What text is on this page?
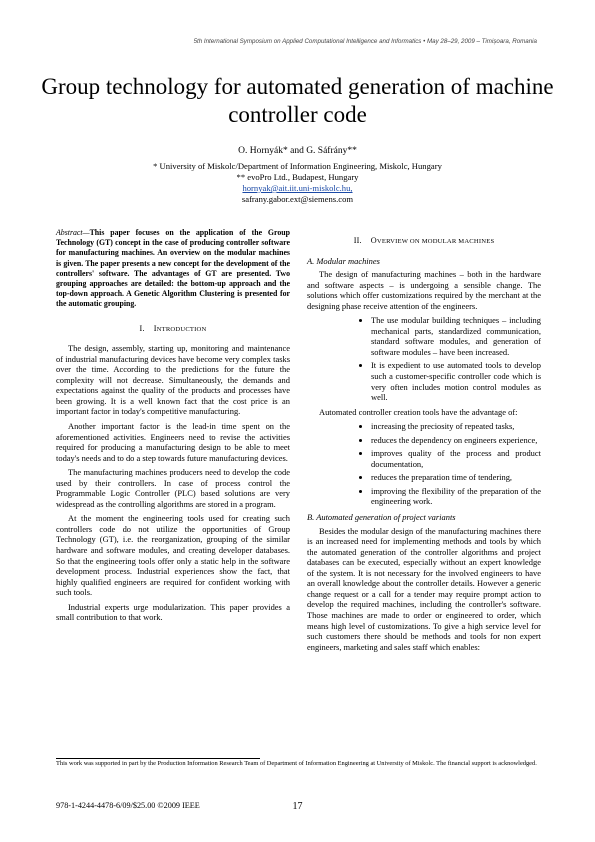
5th International Symposium on Applied Computational Intelligence and Informatics • May 28–29, 2009 – Timișoara, Romania
Group technology for automated generation of machine controller code
O. Hornyák* and G. Sáfrány**
* University of Miskolc/Department of Information Engineering, Miskolc, Hungary
** evoPro Ltd., Budapest, Hungary
hornyak@ait.iit.uni-miskolc.hu,
safrany.gabor.ext@siemens.com
Abstract—This paper focuses on the application of the Group Technology (GT) concept in the case of producing controller software for manufacturing machines. An overview on the modular machines is given. The paper presents a new concept for the development of the controllers' software. The advantages of GT are presented. Two grouping approaches are detailed: the bottom-up approach and the top-down approach. A Genetic Algorithm Clustering is presented for the automatic grouping.
I. INTRODUCTION

The design, assembly, starting up, monitoring and maintenance of industrial manufacturing devices have become very complex tasks over the time. According to the predictions for the future the complexity will not decrease. Simultaneously, the demands and expectations against the quality of the products and processes have been growing. It is a well known fact that the cost price is an important factor in today's competitive manufacturing.

Another important factor is the lead-in time spent on the aforementioned activities. Engineers need to revise the activities required for producing a manufacturing design to be able to meet today's needs and to do a step towards future manufacturing devices.

The manufacturing machines producers need to develop the code used by their controllers. In case of process control the Programmable Logic Controller (PLC) based solutions are very widespread as the controlling algorithms are stored in a program.

At the moment the engineering tools used for creating such controllers code do not utilize the opportunities of Group Technology (GT), i.e. the reorganization, grouping of the similar hardware and software modules, and creating developer databases. So that the engineering tools offer only a static help in the software development process. Industrial experiences show the fact, that highly qualified engineers are required for confident working with such tools.

Industrial experts urge modularization. This paper provides a small contribution to that work.

II. OVERVIEW ON MODULAR MACHINES
A. Modular machines

The design of manufacturing machines – both in the hardware and software aspects – is undergoing a sensible change. The solutions which offer customizations required by the merchant at the designing phase receive attention of the engineers.

• The use modular building techniques – including mechanical parts, standardized communication, standard software modules, and generation of software modules – have been increased.
• It is expedient to use automated tools to develop such a customer-specific controller code which is very often includes motion control modules as well.

Automated controller creation tools have the advantage of:

• increasing the preciosity of repeated tasks,
• reduces the dependency on engineers experience,
• improves quality of the process and product documentation,
• reduces the preparation time of tendering,
• improving the flexibility of the preparation of the engineering work.
B. Automated generation of project variants

Besides the modular design of the manufacturing machines there is an increased need for implementing methods and tools by which the automated generation of the controller algorithms and project databases can be executed, especially without an expert knowledge of the system. It is not necessary for the involved engineers to have an overall knowledge about the controller details. However a generic change request or a call for a tender may require prompt action to develop the required machines, including the controller's software. Those machines are made to order or engineered to order, which means high level of customizations. To give a high service level for such customers there should be methods and tools for non expert engineers, marketing and sales staff which enables:

This work was supported in part by the Production Information Research Team of Department of Information Engineering at University of Miskolc. The financial support is acknowledged.
978-1-4244-4478-6/09/$25.00 ©2009 IEEE	17
